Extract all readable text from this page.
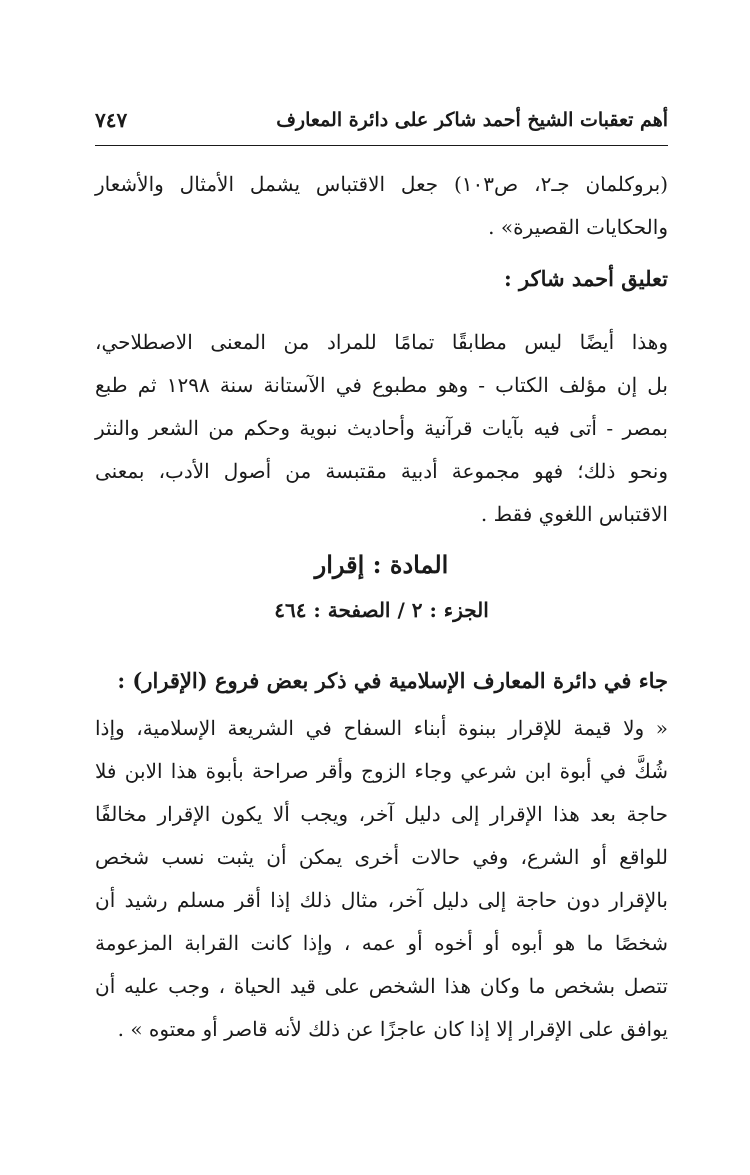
أهم تعقبات الشيخ أحمد شاكر على دائرة المعارف
٧٤٧
(بروكلمان جـ٢، ص١٠٣) جعل الاقتباس يشمل الأمثال والأشعار
والحكايات القصيرة» .
تعليق أحمد شاكر :
وهذا أيضًا ليس مطابقًا تمامًا للمراد من المعنى الاصطلاحي،
بل إن مؤلف الكتاب - وهو مطبوع في الآستانة سنة ١٢٩٨ ثم طبع
بمصر - أتى فيه بآيات قرآنية وأحاديث نبوية وحكم من الشعر والنثر
ونحو ذلك؛ فهو مجموعة أدبية مقتبسة من أصول الأدب، بمعنى
الاقتباس اللغوي فقط .
المادة : إقرار
الجزء : ٢ / الصفحة : ٤٦٤
جاء في دائرة المعارف الإسلامية في ذكر بعض فروع (الإقرار) :
« ولا قيمة للإقرار ببنوة أبناء السفاح في الشريعة الإسلامية، وإذا
شُكَّ في أبوة ابن شرعي وجاء الزوج وأقر صراحة بأبوة هذا الابن فلا
حاجة بعد هذا الإقرار إلى دليل آخر، ويجب ألا يكون الإقرار مخالفًا
للواقع أو الشرع، وفي حالات أخرى يمكن أن يثبت نسب شخص
بالإقرار دون حاجة إلى دليل آخر، مثال ذلك إذا أقر مسلم رشيد أن
شخصًا ما هو أبوه أو أخوه أو عمه ، وإذا كانت القرابة المزعومة
تتصل بشخص ما وكان هذا الشخص على قيد الحياة ، وجب عليه أن
يوافق على الإقرار إلا إذا كان عاجزًا عن ذلك لأنه قاصر أو معتوه » .
